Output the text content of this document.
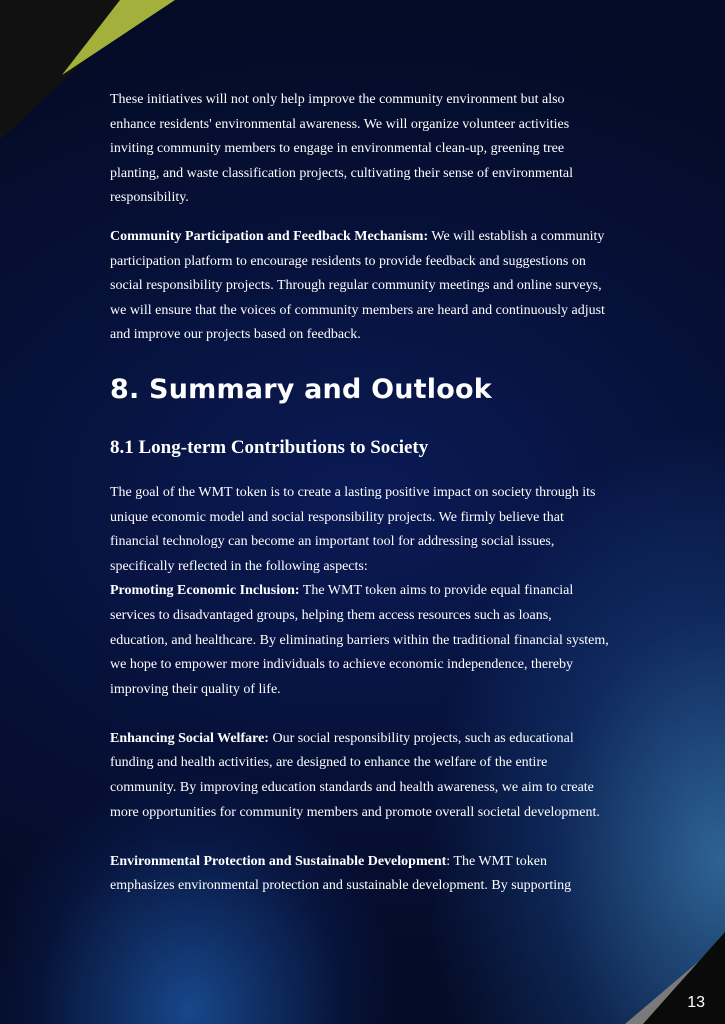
These initiatives will not only help improve the community environment but also enhance residents' environmental awareness. We will organize volunteer activities inviting community members to engage in environmental clean-up, greening tree planting, and waste classification projects, cultivating their sense of environmental responsibility.

Community Participation and Feedback Mechanism: We will establish a community participation platform to encourage residents to provide feedback and suggestions on social responsibility projects. Through regular community meetings and online surveys, we will ensure that the voices of community members are heard and continuously adjust and improve our projects based on feedback.

8. Summary and Outlook
8.1 Long-term Contributions to Society

The goal of the WMT token is to create a lasting positive impact on society through its unique economic model and social responsibility projects. We firmly believe that financial technology can become an important tool for addressing social issues, specifically reflected in the following aspects:

Promoting Economic Inclusion: The WMT token aims to provide equal financial services to disadvantaged groups, helping them access resources such as loans, education, and healthcare. By eliminating barriers within the traditional financial system, we hope to empower more individuals to achieve economic independence, thereby improving their quality of life.

Enhancing Social Welfare: Our social responsibility projects, such as educational funding and health activities, are designed to enhance the welfare of the entire community. By improving education standards and health awareness, we aim to create more opportunities for community members and promote overall societal development.

Environmental Protection and Sustainable Development: The WMT token emphasizes environmental protection and sustainable development. By supporting

13
